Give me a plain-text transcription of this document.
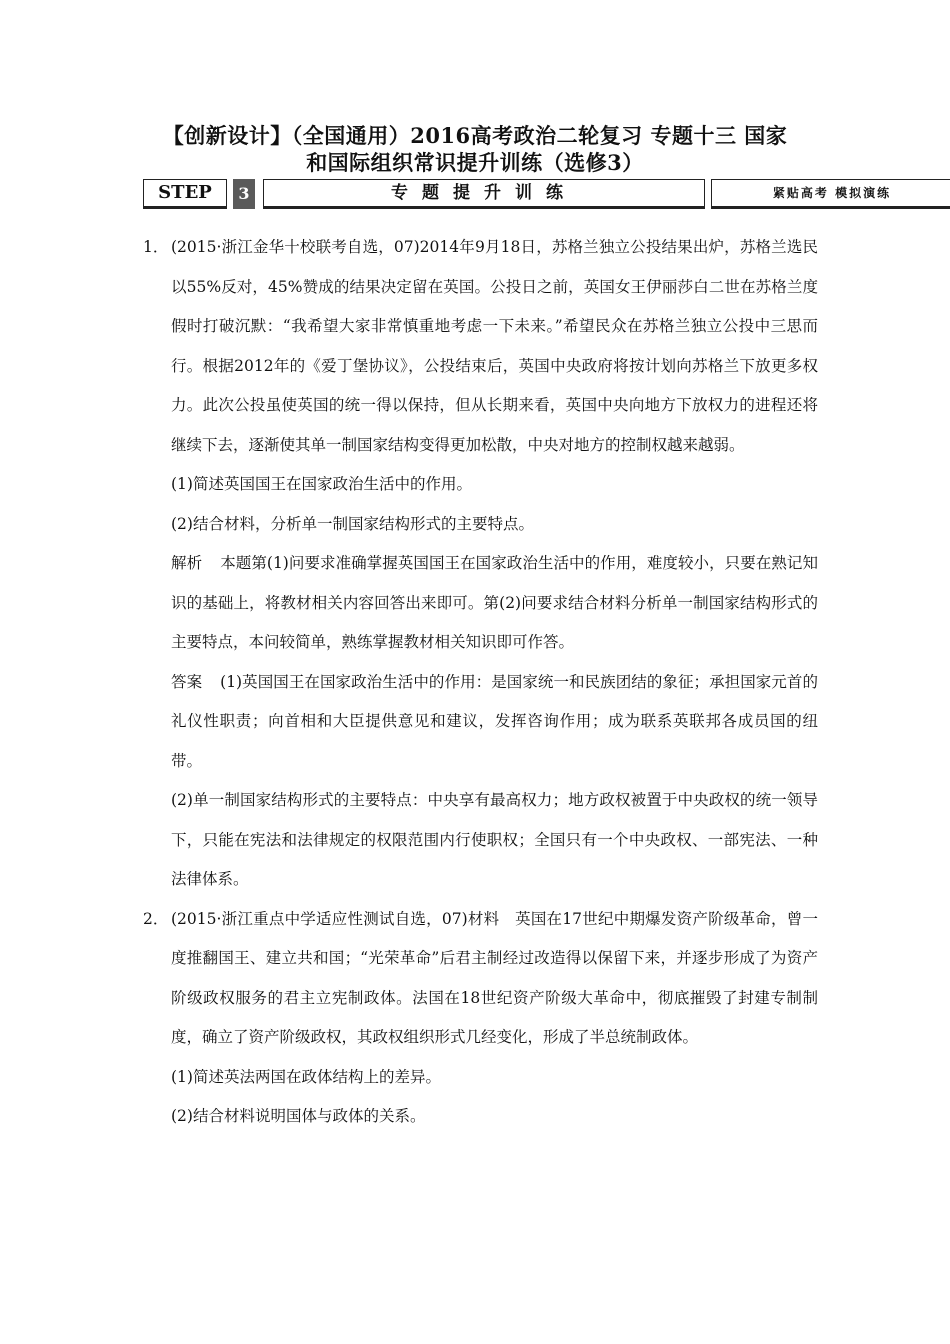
【创新设计】（全国通用）2016高考政治二轮复习 专题十三 国家
和国际组织常识提升训练（选修3）
STEP	3	专题提升训练	紧贴高考 模拟演练
1． (2015·浙江金华十校联考自选，07)2014年9月18日，苏格兰独立公投结果出炉，苏格兰选民以55%反对，45%赞成的结果决定留在英国。公投日之前，英国女王伊丽莎白二世在苏格兰度假时打破沉默：“我希望大家非常慎重地考虑一下未来。”希望民众在苏格兰独立公投中三思而行。根据2012年的《爱丁堡协议》，公投结束后，英国中央政府将按计划向苏格兰下放更多权力。此次公投虽使英国的统一得以保持，但从长期来看，英国中央向地方下放权力的进程还将继续下去，逐渐使其单一制国家结构变得更加松散，中央对地方的控制权越来越弱。
(1)简述英国国王在国家政治生活中的作用。
(2)结合材料，分析单一制国家结构形式的主要特点。
解析 本题第(1)问要求准确掌握英国国王在国家政治生活中的作用，难度较小，只要在熟记知识的基础上，将教材相关内容回答出来即可。第(2)问要求结合材料分析单一制国家结构形式的主要特点，本问较简单，熟练掌握教材相关知识即可作答。
答案 (1)英国国王在国家政治生活中的作用：是国家统一和民族团结的象征；承担国家元首的礼仪性职责；向首相和大臣提供意见和建议，发挥咨询作用；成为联系英联邦各成员国的纽带。
(2)单一制国家结构形式的主要特点：中央享有最高权力；地方政权被置于中央政权的统一领导下，只能在宪法和法律规定的权限范围内行使职权；全国只有一个中央政权、一部宪法、一种法律体系。
2． (2015·浙江重点中学适应性测试自选，07)材料　英国在17世纪中期爆发资产阶级革命，曾一度推翻国王、建立共和国；“光荣革命”后君主制经过改造得以保留下来，并逐步形成了为资产阶级政权服务的君主立宪制政体。法国在18世纪资产阶级大革命中，彻底摧毁了封建专制制度，确立了资产阶级政权，其政权组织形式几经变化，形成了半总统制政体。
(1)简述英法两国在政体结构上的差异。
(2)结合材料说明国体与政体的关系。
